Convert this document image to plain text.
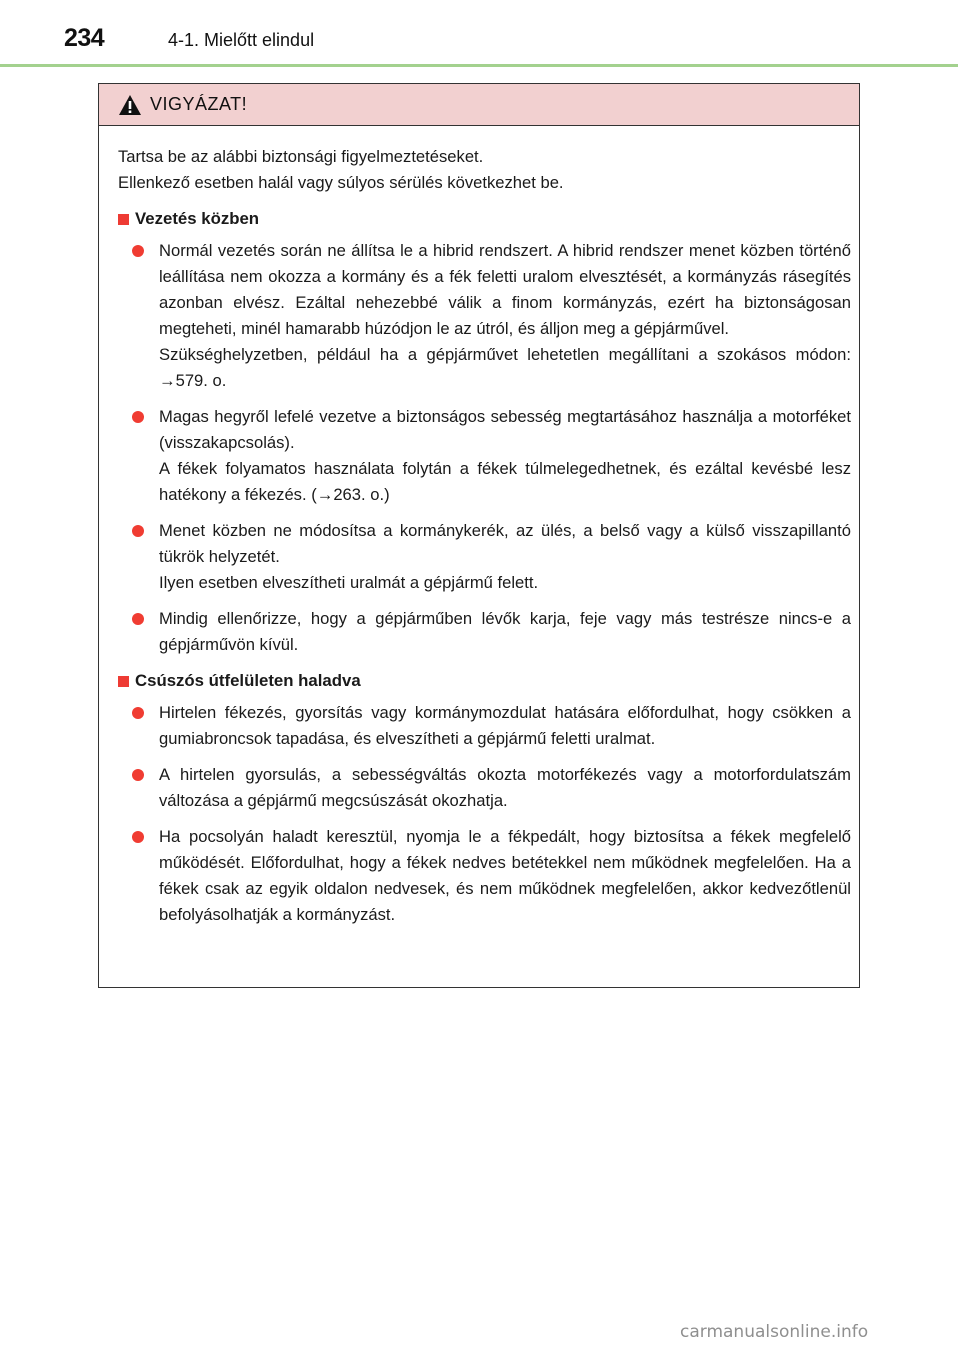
234	4-1. Mielőtt elindul
VIGYÁZAT!

Tartsa be az alábbi biztonsági figyelmeztetéseket.

Ellenkező esetben halál vagy súlyos sérülés következhet be.

Vezetés közben

Normál vezetés során ne állítsa le a hibrid rendszert. A hibrid rendszer menet közben történő leállítása nem okozza a kormány és a fék feletti uralom elvesztését, a kormányzás rásegítés azonban elvész. Ezáltal nehezebbé válik a finom kormányzás, ezért ha biztonságosan megteheti, minél hamarabb húzódjon le az útról, és álljon meg a gépjárművel.

Szükséghelyzetben, például ha a gépjárművet lehetetlen megállítani a szokásos módon: →579. o.

Magas hegyről lefelé vezetve a biztonságos sebesség megtartásához használja a motorféket (visszakapcsolás).

A fékek folyamatos használata folytán a fékek túlmelegedhetnek, és ezáltal kevésbé lesz hatékony a fékezés. (→263. o.)

Menet közben ne módosítsa a kormánykerék, az ülés, a belső vagy a külső visszapillantó tükrök helyzetét.

Ilyen esetben elveszítheti uralmát a gépjármű felett.

Mindig ellenőrizze, hogy a gépjárműben lévők karja, feje vagy más testrésze nincs-e a gépjárművön kívül.

Csúszós útfelületen haladva

Hirtelen fékezés, gyorsítás vagy kormánymozdulat hatására előfordulhat, hogy csökken a gumiabroncsok tapadása, és elveszítheti a gépjármű feletti uralmat.

A hirtelen gyorsulás, a sebességváltás okozta motorfékezés vagy a motorfordulatszám változása a gépjármű megcsúszását okozhatja.

Ha pocsolyán haladt keresztül, nyomja le a fékpedált, hogy biztosítsa a fékek megfelelő működését. Előfordulhat, hogy a fékek nedves betétekkel nem működnek megfelelően. Ha a fékek csak az egyik oldalon nedvesek, és nem működnek megfelelően, akkor kedvezőtlenül befolyásolhatják a kormányzást.

carmanualsonline.info
